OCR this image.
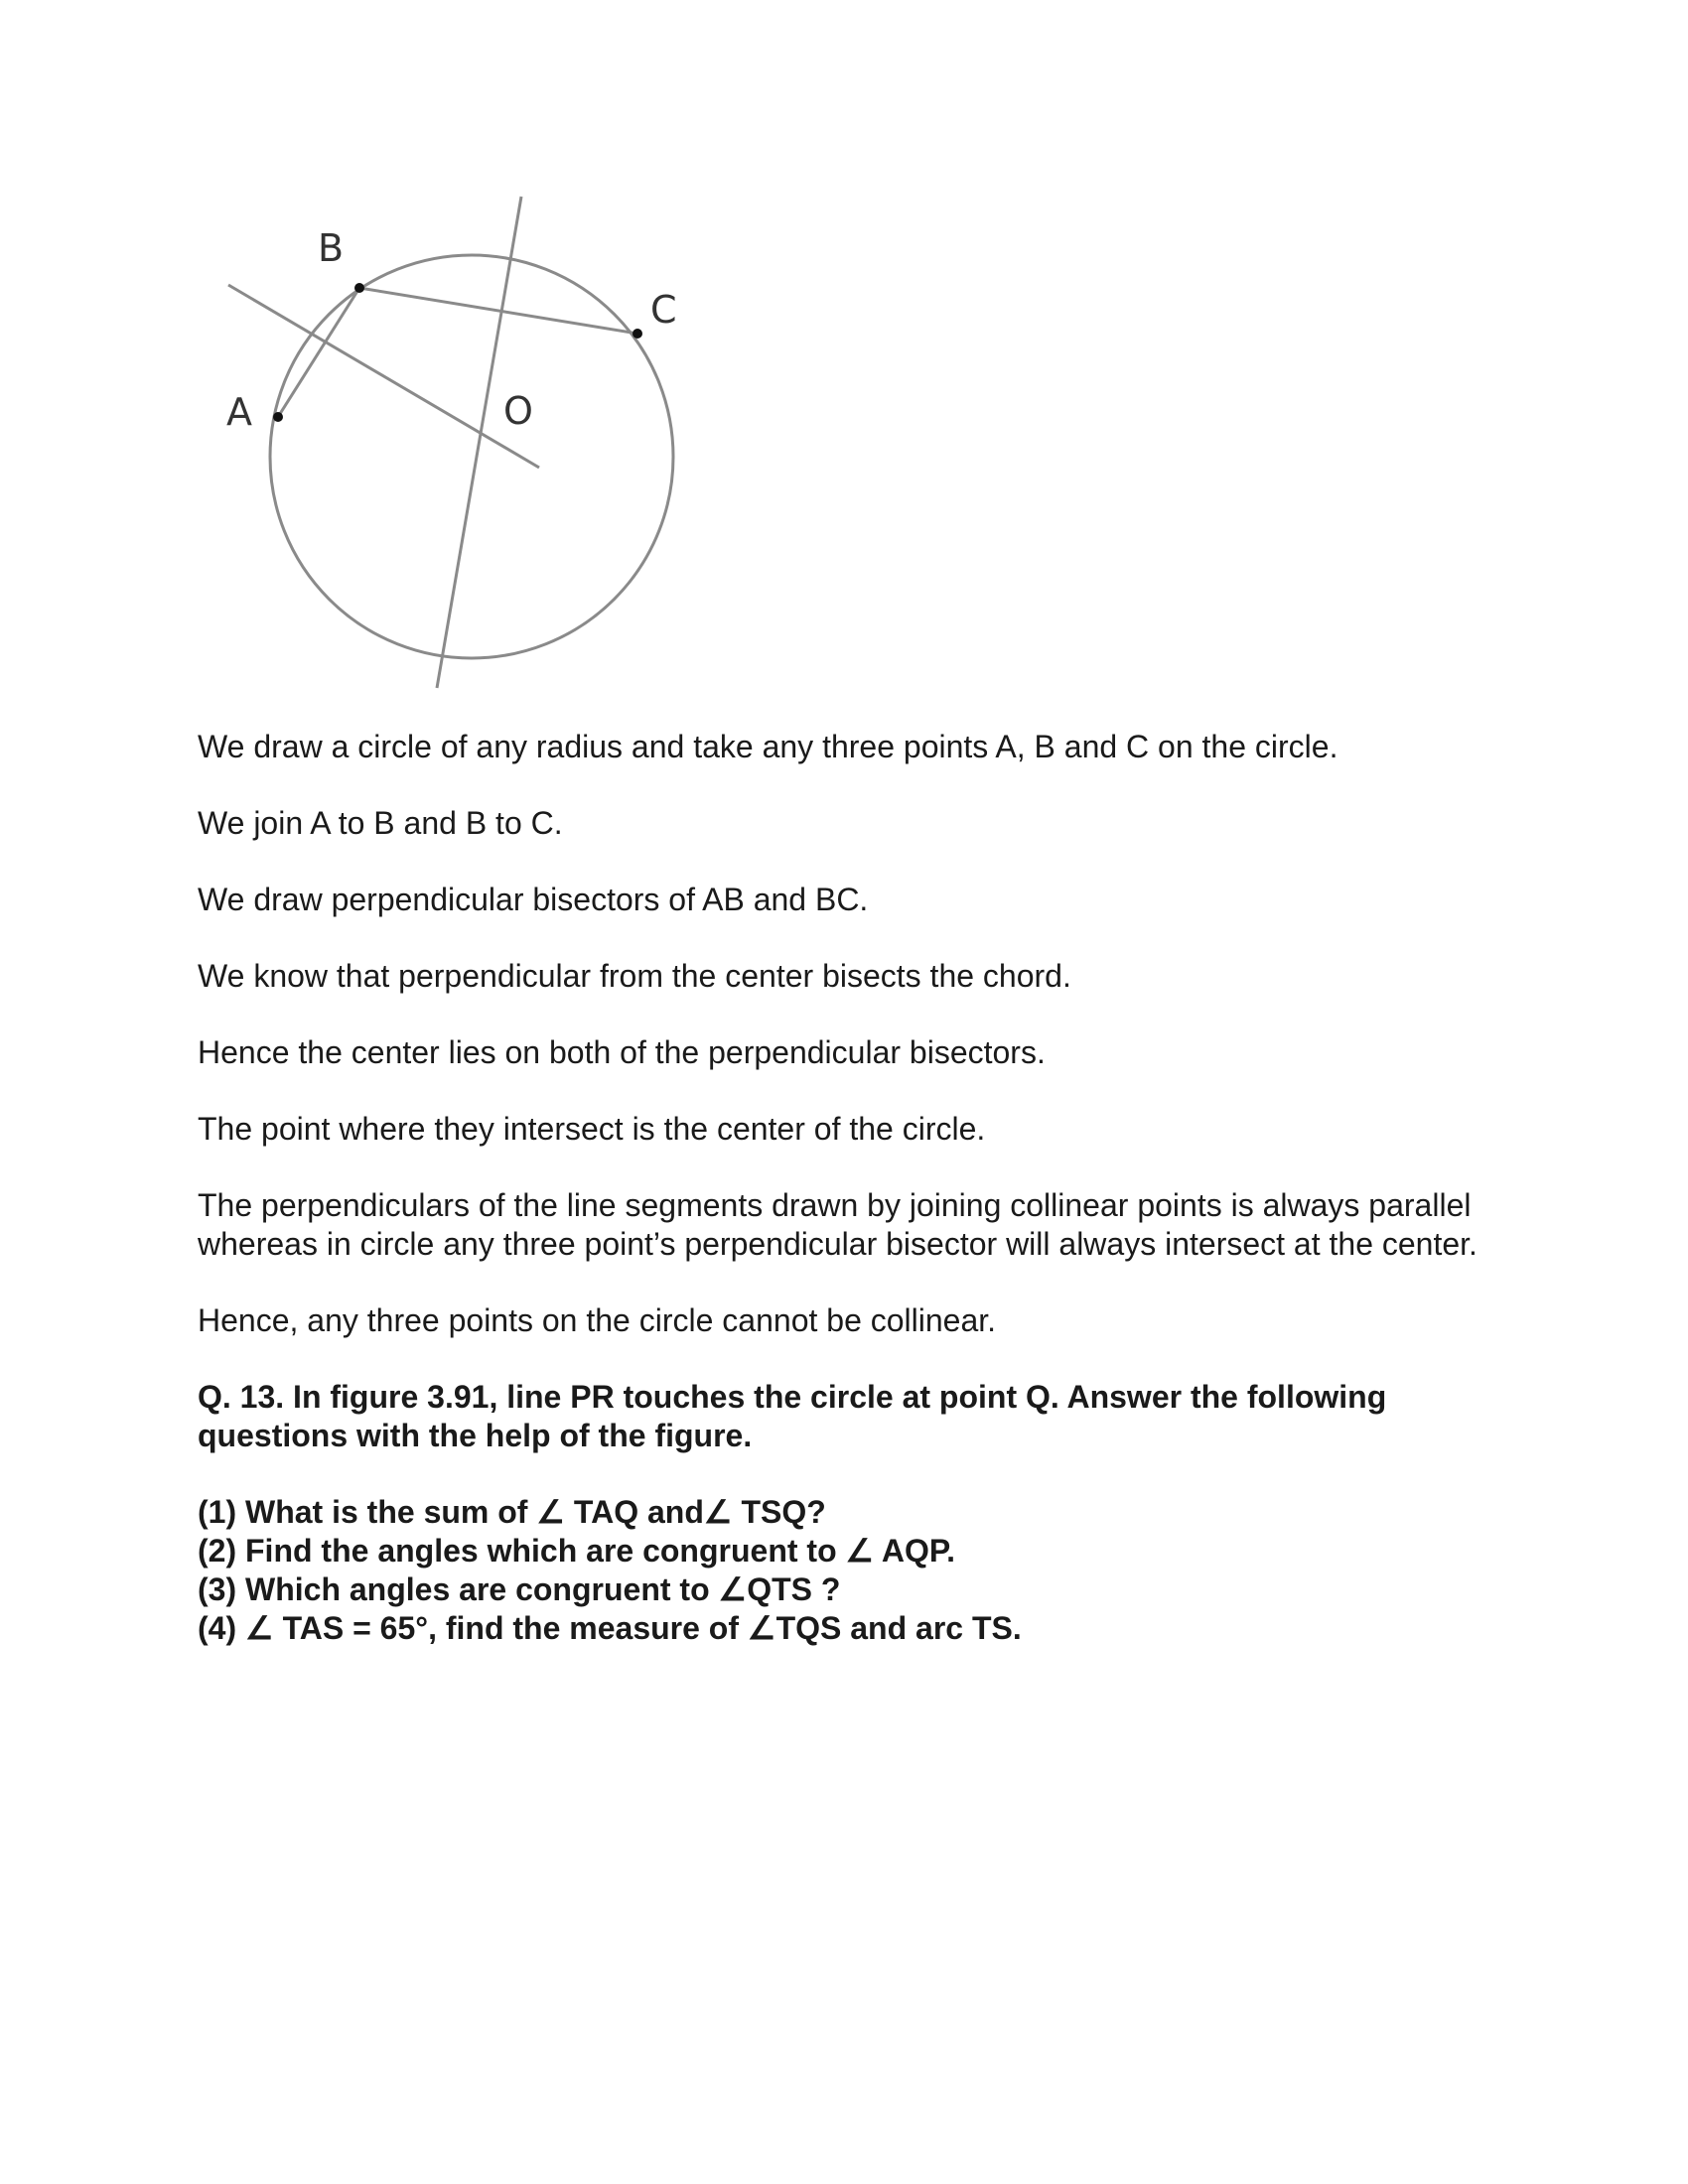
A
B
C
O

We draw a circle of any radius and take any three points A, B and C on the circle.

We join A to B and B to C.

We draw perpendicular bisectors of AB and BC.

We know that perpendicular from the center bisects the chord.

Hence the center lies on both of the perpendicular bisectors.

The point where they intersect is the center of the circle.

The perpendiculars of the line segments drawn by joining collinear points is always parallel whereas in circle any three point’s perpendicular bisector will always intersect at the center.

Hence, any three points on the circle cannot be collinear.

Q. 13. In figure 3.91, line PR touches the circle at point Q. Answer the following questions with the help of the figure.

(1) What is the sum of ∠ TAQ and∠ TSQ?

(2) Find the angles which are congruent to ∠ AQP.

(3) Which angles are congruent to ∠QTS ?

(4) ∠ TAS = 65°, find the measure of ∠TQS and arc TS.
